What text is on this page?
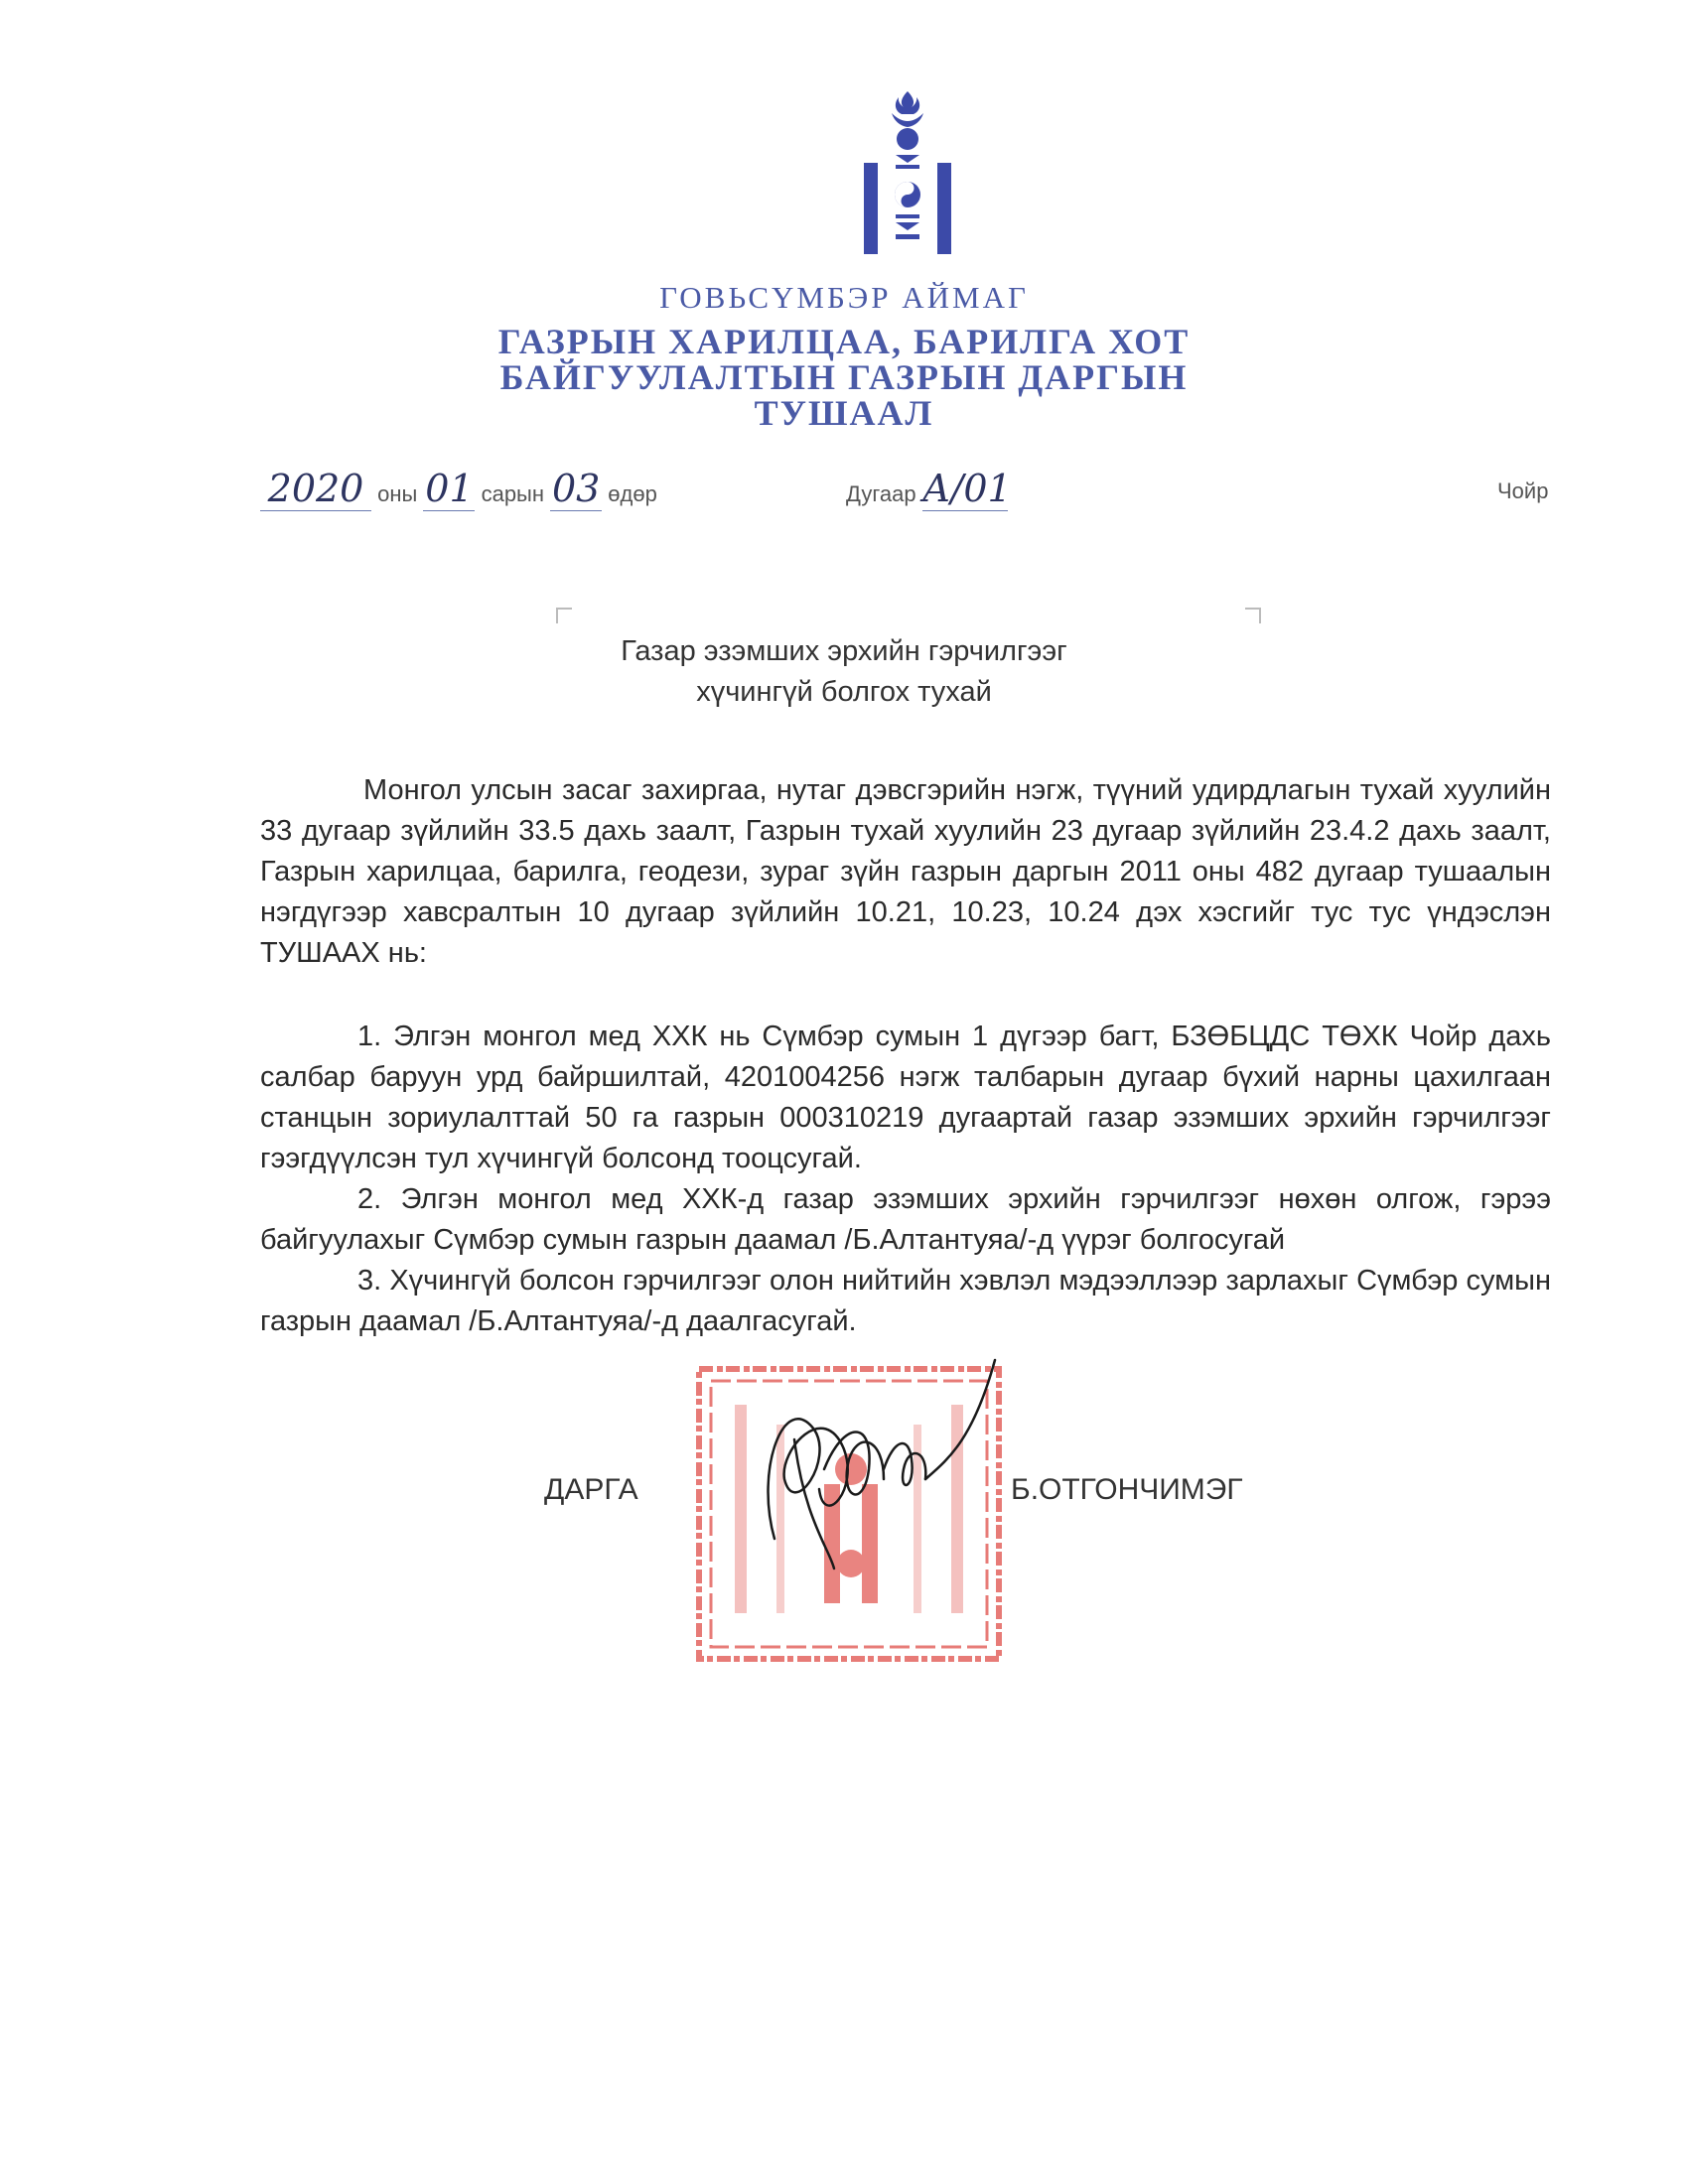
ГОВЬСҮМБЭР АЙМАГ
ГАЗРЫН ХАРИЛЦАА, БАРИЛГА ХОТ
БАЙГУУЛАЛТЫН ГАЗРЫН ДАРГЫН
ТУШААЛ
2020 оны 01 сарын 03 өдөр	Дугаар А/01	Чойр
Газар эзэмших эрхийн гэрчилгээг
хүчингүй болгох тухай
Монгол улсын засаг захиргаа, нутаг дэвсгэрийн нэгж, түүний удирдлагын тухай хуулийн 33 дугаар зүйлийн 33.5 дахь заалт, Газрын тухай хуулийн 23 дугаар зүйлийн 23.4.2 дахь заалт, Газрын харилцаа, барилга, геодези, зураг зүйн газрын даргын 2011 оны 482 дугаар тушаалын нэгдүгээр хавсралтын 10 дугаар зүйлийн 10.21, 10.23, 10.24 дэх хэсгийг тус тус үндэслэн ТУШААХ нь:
1. Элгэн монгол мед ХХК нь Сүмбэр сумын 1 дүгээр багт, БЗӨБЦДС ТӨХК Чойр дахь салбар баруун урд байршилтай, 4201004256 нэгж талбарын дугаар бүхий нарны цахилгаан станцын зориулалттай 50 га газрын 000310219 дугаартай газар эзэмших эрхийн гэрчилгээг гээгдүүлсэн тул хүчингүй болсонд тооцсугай.
2. Элгэн монгол мед ХХК-д газар эзэмших эрхийн гэрчилгээг нөхөн олгож, гэрээ байгуулахыг Сүмбэр сумын газрын даамал /Б.Алтантуяа/-д үүрэг болгосугай
3. Хүчингүй болсон гэрчилгээг олон нийтийн хэвлэл мэдээллээр зарлахыг Сүмбэр сумын газрын даамал /Б.Алтантуяа/-д даалгасугай.
ДАРГА	Б.ОТГОНЧИМЭГ
